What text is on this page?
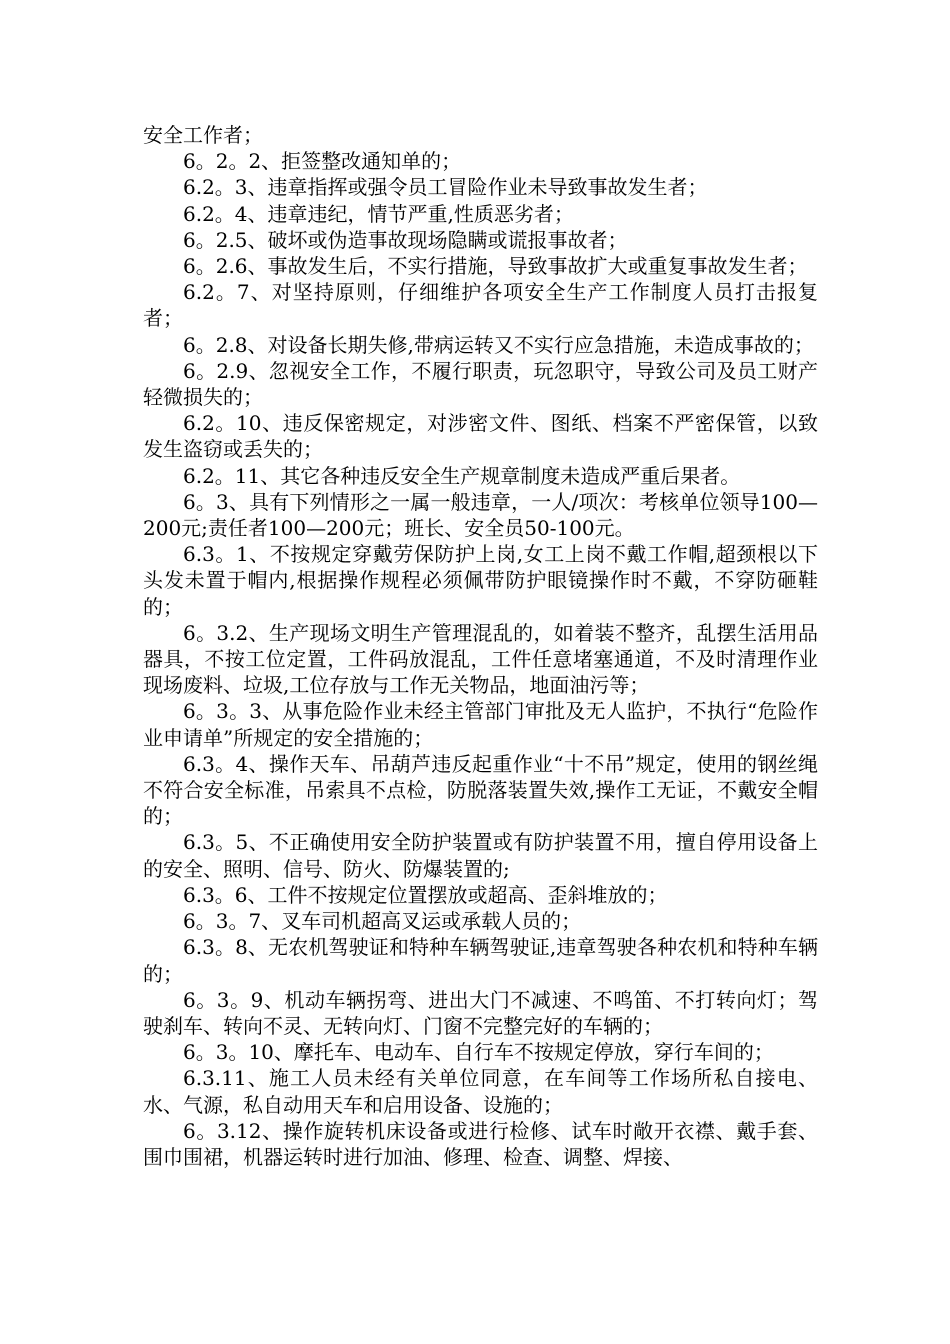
安全工作者；

6。2。2、拒签整改通知单的；

6.2。3、违章指挥或强令员工冒险作业未导致事故发生者；

6.2。4、违章违纪，情节严重,性质恶劣者；

6。2.5、破坏或伪造事故现场隐瞒或谎报事故者；

6。2.6、事故发生后，不实行措施，导致事故扩大或重复事故发生者；

6.2。7、对坚持原则，仔细维护各项安全生产工作制度人员打击报复者；

6。2.8、对设备长期失修,带病运转又不实行应急措施，未造成事故的；

6。2.9、忽视安全工作，不履行职责，玩忽职守，导致公司及员工财产轻微损失的；

6.2。10、违反保密规定，对涉密文件、图纸、档案不严密保管，以致发生盗窃或丢失的；

6.2。11、其它各种违反安全生产规章制度未造成严重后果者。

6。3、具有下列情形之一属一般违章，一人/项次：考核单位领导100—200元;责任者100—200元；班长、安全员50-100元。

6.3。1、不按规定穿戴劳保防护上岗,女工上岗不戴工作帽,超颈根以下头发未置于帽内,根据操作规程必须佩带防护眼镜操作时不戴，不穿防砸鞋的；

6。3.2、生产现场文明生产管理混乱的，如着装不整齐，乱摆生活用品器具，不按工位定置，工件码放混乱，工件任意堵塞通道，不及时清理作业现场废料、垃圾,工位存放与工作无关物品，地面油污等；

6。3。3、从事危险作业未经主管部门审批及无人监护，不执行“危险作业申请单”所规定的安全措施的；

6.3。4、操作天车、吊葫芦违反起重作业“十不吊”规定，使用的钢丝绳不符合安全标准，吊索具不点检，防脱落装置失效,操作工无证，不戴安全帽的；

6.3。5、不正确使用安全防护装置或有防护装置不用，擅自停用设备上的安全、照明、信号、防火、防爆装置的;

6.3。6、工件不按规定位置摆放或超高、歪斜堆放的；

6。3。7、叉车司机超高叉运或承载人员的；

6.3。8、无农机驾驶证和特种车辆驾驶证,违章驾驶各种农机和特种车辆的；

6。3。9、机动车辆拐弯、进出大门不减速、不鸣笛、不打转向灯；驾驶刹车、转向不灵、无转向灯、门窗不完整完好的车辆的；

6。3。10、摩托车、电动车、自行车不按规定停放，穿行车间的；

6.3.11、施工人员未经有关单位同意，在车间等工作场所私自接电、水、气源，私自动用天车和启用设备、设施的；

6。3.12、操作旋转机床设备或进行检修、试车时敞开衣襟、戴手套、围巾围裙，机器运转时进行加油、修理、检查、调整、焊接、
